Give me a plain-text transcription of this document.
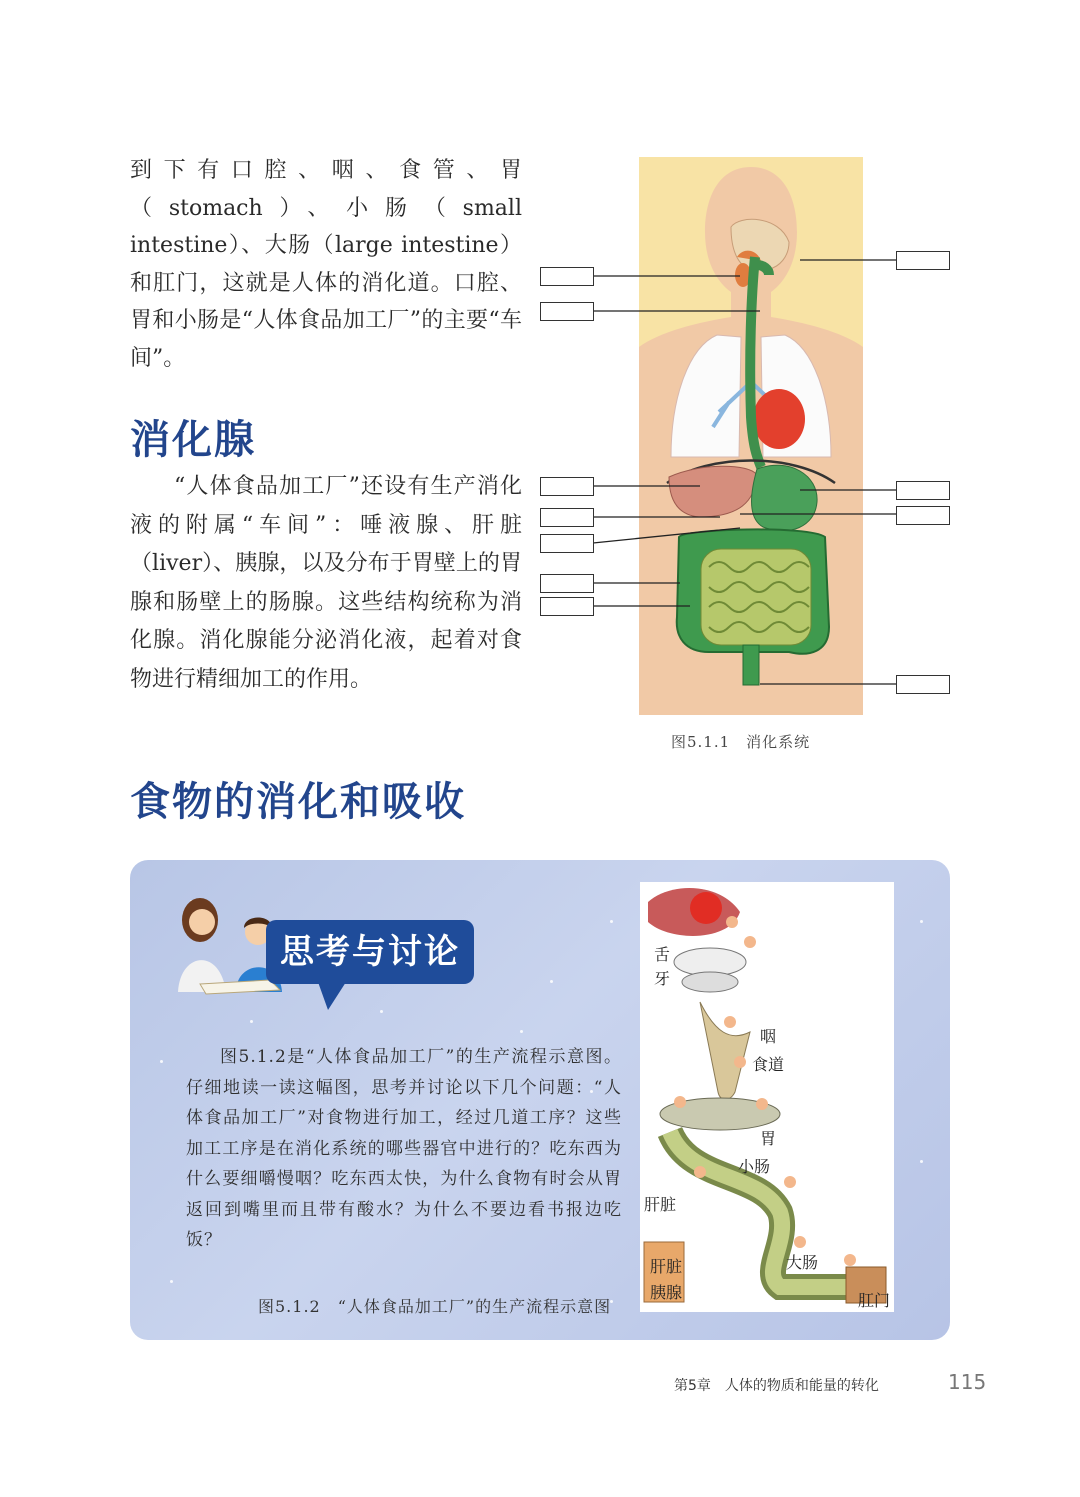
到下有口腔、咽、食管、胃（stomach）、小肠（small intestine）、大肠（large intestine）和肛门，这就是人体的消化道。口腔、胃和小肠是“人体食品加工厂”的主要“车间”。

消化腺

“人体食品加工厂”还设有生产消化液的附属“车间”：唾液腺、肝脏（liver）、胰腺，以及分布于胃壁上的胃腺和肠壁上的肠腺。这些结构统称为消化腺。消化腺能分泌消化液，起着对食物进行精细加工的作用。

图5.1.1　消化系统
食物的消化和吸收
思考与讨论

图5.1.2是“人体食品加工厂”的生产流程示意图。仔细地读一读这幅图，思考并讨论以下几个问题：“人体食品加工厂”对食物进行加工，经过几道工序？这些加工工序是在消化系统的哪些器官中进行的？吃东西为什么要细嚼慢咽？吃东西太快，为什么食物有时会从胃返回到嘴里而且带有酸水？为什么不要边看书报边吃饭？

图5.1.2　“人体食品加工厂”的生产流程示意图
舌
牙
咽
食道
胃
小肠
肝脏
肝脏
胰腺
大肠
肛门
第5章　人体的物质和能量的转化	115
